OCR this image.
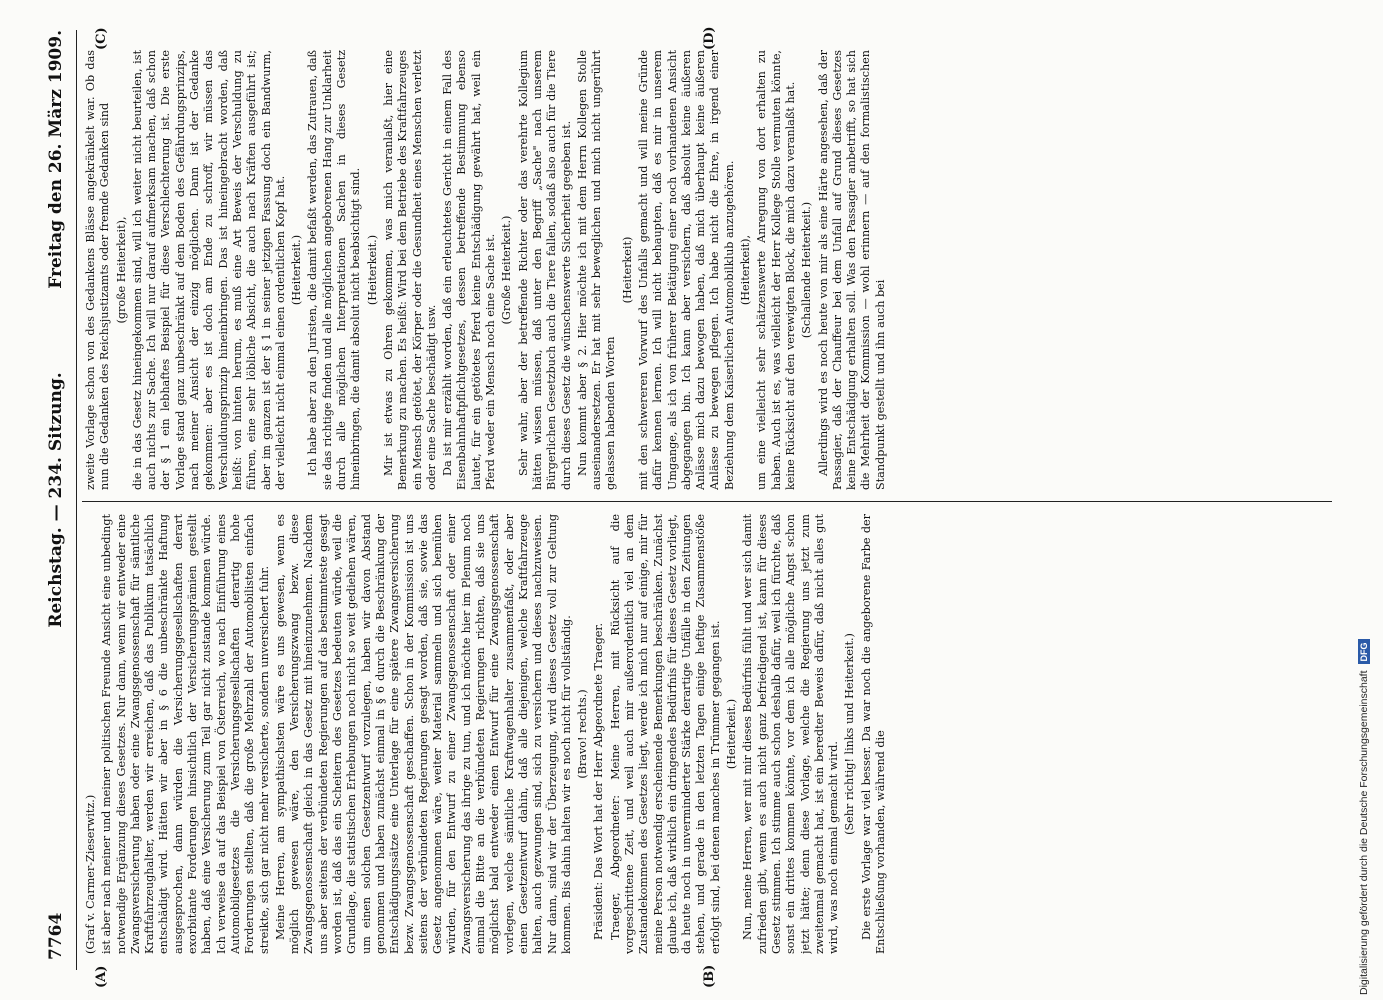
7764
Reichstag. — 234. Sitzung.
Freitag den 26. März 1909.
(A)	(B)
(C)	(D)

(Graf v. Carmer-Zieserwitz.) ist aber nach meiner und meiner politischen Freunde Ansicht eine unbedingt notwendige Ergänzung dieses Gesetzes. Nur dann, wenn wir entweder eine Zwangsversicherung haben oder eine Zwangsgenossenschaft für sämtliche Kraftfahrzeughalter, werden wir erreichen, daß das Publikum tatsächlich entschädigt wird. Hätten wir aber in § 6 die unbeschränkte Haftung ausgesprochen, dann würden die Versicherungsgesellschaften derart exorbitante Forderungen hinsichtlich der Versicherungsprämien gestellt haben, daß eine Versicherung zum Teil gar nicht zustande kommen würde. Ich verweise da auf das Beispiel von Österreich, wo nach Einführung eines Automobilgesetzes die Versicherungsgesellschaften derartig hohe Forderungen stellten, daß die große Mehrzahl der Automobilisten einfach streikte, sich gar nicht mehr versicherte, sondern unversichert fuhr. Meine Herren, am sympathischsten wäre es uns gewesen, wenn es möglich gewesen wäre, den Versicherungszwang bezw. diese Zwangsgenossenschaft gleich in das Gesetz mit hineinzunehmen. Nachdem uns aber seitens der verbündeten Regierungen auf das bestimmteste gesagt worden ist, daß das ein Scheitern des Gesetzes bedeuten würde, weil die Grundlage, die statistischen Erhebungen noch nicht so weit gediehen wären, um einen solchen Gesetzentwurf vorzulegen, haben wir davon Abstand genommen und haben zunächst einmal in § 6 durch die Beschränkung der Entschädigungssätze eine Unterlage für eine spätere Zwangsversicherung bezw. Zwangsgenossenschaft geschaffen. Schon in der Kommission ist uns seitens der verbündeten Regierungen gesagt worden, daß sie, sowie das Gesetz angenommen wäre, weiter Material sammeln und sich bemühen würden, für den Entwurf zu einer Zwangsgenossenschaft oder einer Zwangsversicherung das ihrige zu tun, und ich möchte hier im Plenum noch einmal die Bitte an die verbündeten Regierungen richten, daß sie uns möglichst bald entweder einen Entwurf für eine Zwangsgenossenschaft vorlegen, welche sämtliche Kraftwagenhalter zusammenfaßt, oder aber einen Gesetzentwurf dahin, daß alle diejenigen, welche Kraftfahrzeuge halten, auch gezwungen sind, sich zu versichern und dieses nachzuweisen. Nur dann, sind wir der Überzeugung, wird dieses Gesetz voll zur Geltung kommen. Bis dahin halten wir es noch nicht für vollständig. (Bravo! rechts.) Präsident: Das Wort hat der Herr Abgeordnete Traeger. Traeger, Abgeordneter: Meine Herren, mit Rücksicht auf die vorgeschrittene Zeit, und weil auch mir außerordentlich viel an dem Zustandekommen des Gesetzes liegt, werde ich mich nur auf einige, mir für meine Person notwendig erscheinende Bemerkungen beschränken. Zunächst glaube ich, daß wirklich ein dringendes Bedürfnis für dieses Gesetz vorliegt, da heute noch in unverminderter Stärke derartige Unfälle in den Zeitungen stehen, und gerade in den letzten Tagen einige heftige Zusammenstöße erfolgt sind, bei denen manches in Trümmer gegangen ist. (Heiterkeit.) Nun, meine Herren, wer mit mir dieses Bedürfnis fühlt und wer sich damit zufrieden gibt, wenn es auch nicht ganz befriedigend ist, kann für dieses Gesetz stimmen. Ich stimme auch schon deshalb dafür, weil ich fürchte, daß sonst ein drittes kommen könnte, vor dem ich alle mögliche Angst schon jetzt hätte; denn diese Vorlage, welche die Regierung uns jetzt zum zweitenmal gemacht hat, ist ein beredter Beweis dafür, daß nicht alles gut wird, was noch einmal gemacht wird.

(Sehr richtig! links und Heiterkeit.) Die erste Vorlage war viel besser. Da war noch die angeborene Farbe der Entschließung vorhanden, während die

zweite Vorlage schon von des Gedankens Blässe angekränkelt war. Ob das nun die Gedanken des Reichsjustizamts oder fremde Gedanken sind (große Heiterkeit), die in das Gesetz hineingekommen sind, will ich weiter nicht beurteilen, ist auch nichts zur Sache. Ich will nur darauf aufmerksam machen, daß schon der § 1 ein lebhaftes Beispiel für diese Verschlechterung ist. Die erste Vorlage stand ganz unbeschränkt auf dem Boden des Gefährdungsprinzips, nach meiner Ansicht der einzig möglichen. Dann ist der Gedanke gekommen: aber es ist doch am Ende zu schroff, wir müssen das Verschuldungsprinzip hineinbringen. Das ist hineingebracht worden, daß heißt: von hinten herum, es muß eine Art Beweis der Verschuldung zu führen, eine sehr löbliche Absicht, die auch nach Kräften ausgeführt ist; aber im ganzen ist der § 1 in seiner jetzigen Fassung doch ein Bandwurm, der vielleicht nicht einmal einen ordentlichen Kopf hat. (Heiterkeit.) Ich habe aber zu den Juristen, die damit befaßt werden, das Zutrauen, daß sie das richtige finden und alle möglichen angeborenen Hang zur Unklarheit durch alle möglichen Interpretationen Sachen in dieses Gesetz hineinbringen, die damit absolut nicht beabsichtigt sind. (Heiterkeit.) Mir ist etwas zu Ohren gekommen, was mich veranlaßt, hier eine Bemerkung zu machen. Es heißt: Wird bei dem Betriebe des Kraftfahrzeuges ein Mensch getötet, der Körper oder die Gesundheit eines Menschen verletzt oder eine Sache beschädigt usw. Da ist mir erzählt worden, daß ein erleuchtetes Gericht in einem Fall des Eisenbahnhaftpflichtgesetzes, dessen betreffende Bestimmung ebenso lautet, für ein getötetes Pferd keine Entschädigung gewährt hat, weil ein Pferd weder ein Mensch noch eine Sache ist. (Große Heiterkeit.) Sehr wahr, aber der betreffende Richter oder das verehrte Kollegium hätten wissen müssen, daß unter den Begriff „Sache" nach unserem Bürgerlichen Gesetzbuch auch die Tiere fallen, sodaß also auch für die Tiere durch dieses Gesetz die wünschenswerte Sicherheit gegeben ist. Nun kommt aber § 2. Hier möchte ich mit dem Herrn Kollegen Stolle auseinandersetzen. Er hat mit sehr beweglichen und mich nicht ungerührt gelassen habenden Worten

(Heiterkeit) mit den schwereren Vorwurf des Unfalls gemacht und will meine Gründe dafür kennen lernen. Ich will nicht behaupten, daß es mir in unserem Umgange, als ich von früherer Betätigung einer noch vorhandenen Ansicht abgegangen bin. Ich kann aber versichern, daß absolut keine äußeren Anlässe mich dazu bewogen haben, daß mich überhaupt keine äußeren Anlässe zu bewegen pflegen. Ich habe nicht die Ehre, in irgend einer Beziehung dem Kaiserlichen Automobilklub anzugehören. (Heiterkeit), um eine vielleicht sehr schätzenswerte Anregung von dort erhalten zu haben. Auch ist es, was vielleicht der Herr Kollege Stolle vermuten könnte, keine Rücksicht auf den verewigten Block, die mich dazu veranlaßt hat. (Schallende Heiterkeit.) Allerdings wird es noch heute von mir als eine Härte angesehen, daß der Passagier, daß der Chauffeur bei dem Unfall auf Grund dieses Gesetzes keine Entschädigung erhalten soll. Was den Passagier anbetrifft, so hat sich die Mehrheit der Kommission — wohl erinnern — auf den formalistischen Standpunkt gestellt und ihn auch bei

Digitalisierung gefördert durch die Deutsche ForschungsgemeinschaftDFG
